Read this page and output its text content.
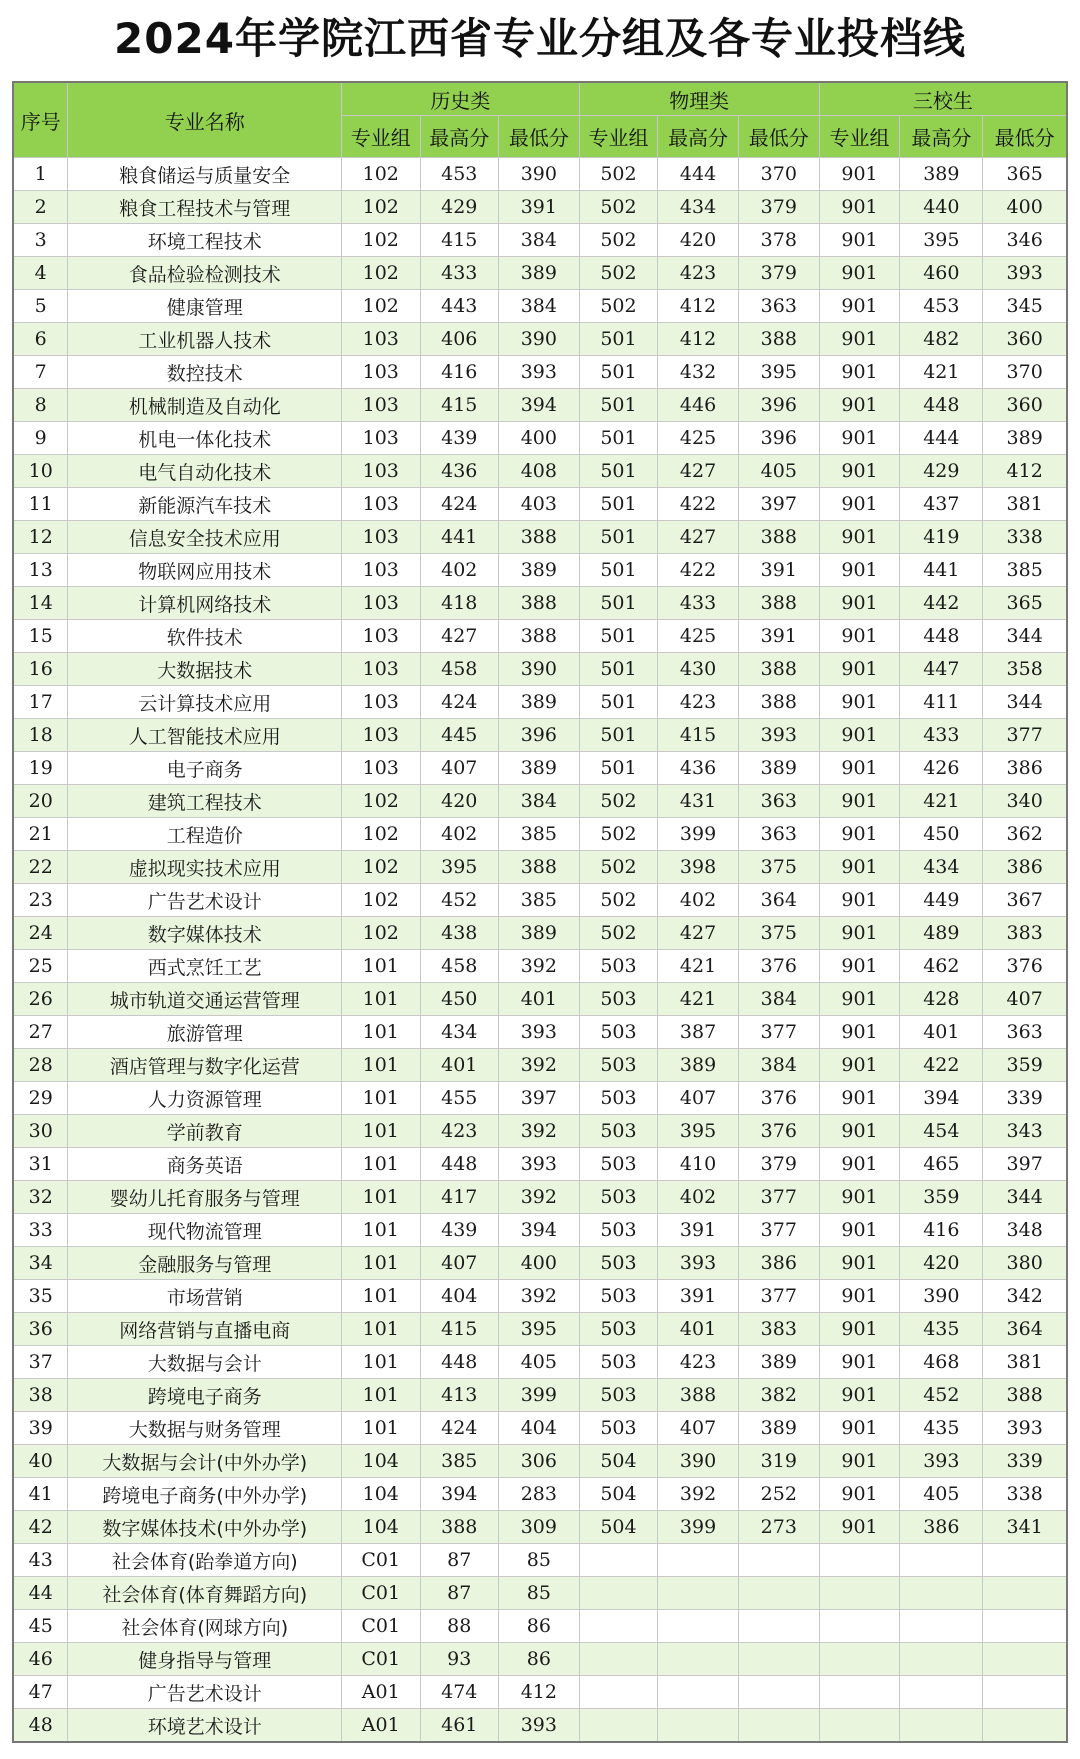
2024年学院江西省专业分组及各专业投档线
序号	专业名称	历史类			物理类			三校生		
		专业组	最高分	最低分	专业组	最高分	最低分	专业组	最高分	最低分
1	粮食储运与质量安全	102	453	390	502	444	370	901	389	365
2	粮食工程技术与管理	102	429	391	502	434	379	901	440	400
3	环境工程技术	102	415	384	502	420	378	901	395	346
4	食品检验检测技术	102	433	389	502	423	379	901	460	393
5	健康管理	102	443	384	502	412	363	901	453	345
6	工业机器人技术	103	406	390	501	412	388	901	482	360
7	数控技术	103	416	393	501	432	395	901	421	370
8	机械制造及自动化	103	415	394	501	446	396	901	448	360
9	机电一体化技术	103	439	400	501	425	396	901	444	389
10	电气自动化技术	103	436	408	501	427	405	901	429	412
11	新能源汽车技术	103	424	403	501	422	397	901	437	381
12	信息安全技术应用	103	441	388	501	427	388	901	419	338
13	物联网应用技术	103	402	389	501	422	391	901	441	385
14	计算机网络技术	103	418	388	501	433	388	901	442	365
15	软件技术	103	427	388	501	425	391	901	448	344
16	大数据技术	103	458	390	501	430	388	901	447	358
17	云计算技术应用	103	424	389	501	423	388	901	411	344
18	人工智能技术应用	103	445	396	501	415	393	901	433	377
19	电子商务	103	407	389	501	436	389	901	426	386
20	建筑工程技术	102	420	384	502	431	363	901	421	340
21	工程造价	102	402	385	502	399	363	901	450	362
22	虚拟现实技术应用	102	395	388	502	398	375	901	434	386
23	广告艺术设计	102	452	385	502	402	364	901	449	367
24	数字媒体技术	102	438	389	502	427	375	901	489	383
25	西式烹饪工艺	101	458	392	503	421	376	901	462	376
26	城市轨道交通运营管理	101	450	401	503	421	384	901	428	407
27	旅游管理	101	434	393	503	387	377	901	401	363
28	酒店管理与数字化运营	101	401	392	503	389	384	901	422	359
29	人力资源管理	101	455	397	503	407	376	901	394	339
30	学前教育	101	423	392	503	395	376	901	454	343
31	商务英语	101	448	393	503	410	379	901	465	397
32	婴幼儿托育服务与管理	101	417	392	503	402	377	901	359	344
33	现代物流管理	101	439	394	503	391	377	901	416	348
34	金融服务与管理	101	407	400	503	393	386	901	420	380
35	市场营销	101	404	392	503	391	377	901	390	342
36	网络营销与直播电商	101	415	395	503	401	383	901	435	364
37	大数据与会计	101	448	405	503	423	389	901	468	381
38	跨境电子商务	101	413	399	503	388	382	901	452	388
39	大数据与财务管理	101	424	404	503	407	389	901	435	393
40	大数据与会计(中外办学)	104	385	306	504	390	319	901	393	339
41	跨境电子商务(中外办学)	104	394	283	504	392	252	901	405	338
42	数字媒体技术(中外办学)	104	388	309	504	399	273	901	386	341
43	社会体育(跆拳道方向)	C01	87	85						
44	社会体育(体育舞蹈方向)	C01	87	85						
45	社会体育(网球方向)	C01	88	86						
46	健身指导与管理	C01	93	86						
47	广告艺术设计	A01	474	412						
48	环境艺术设计	A01	461	393						
